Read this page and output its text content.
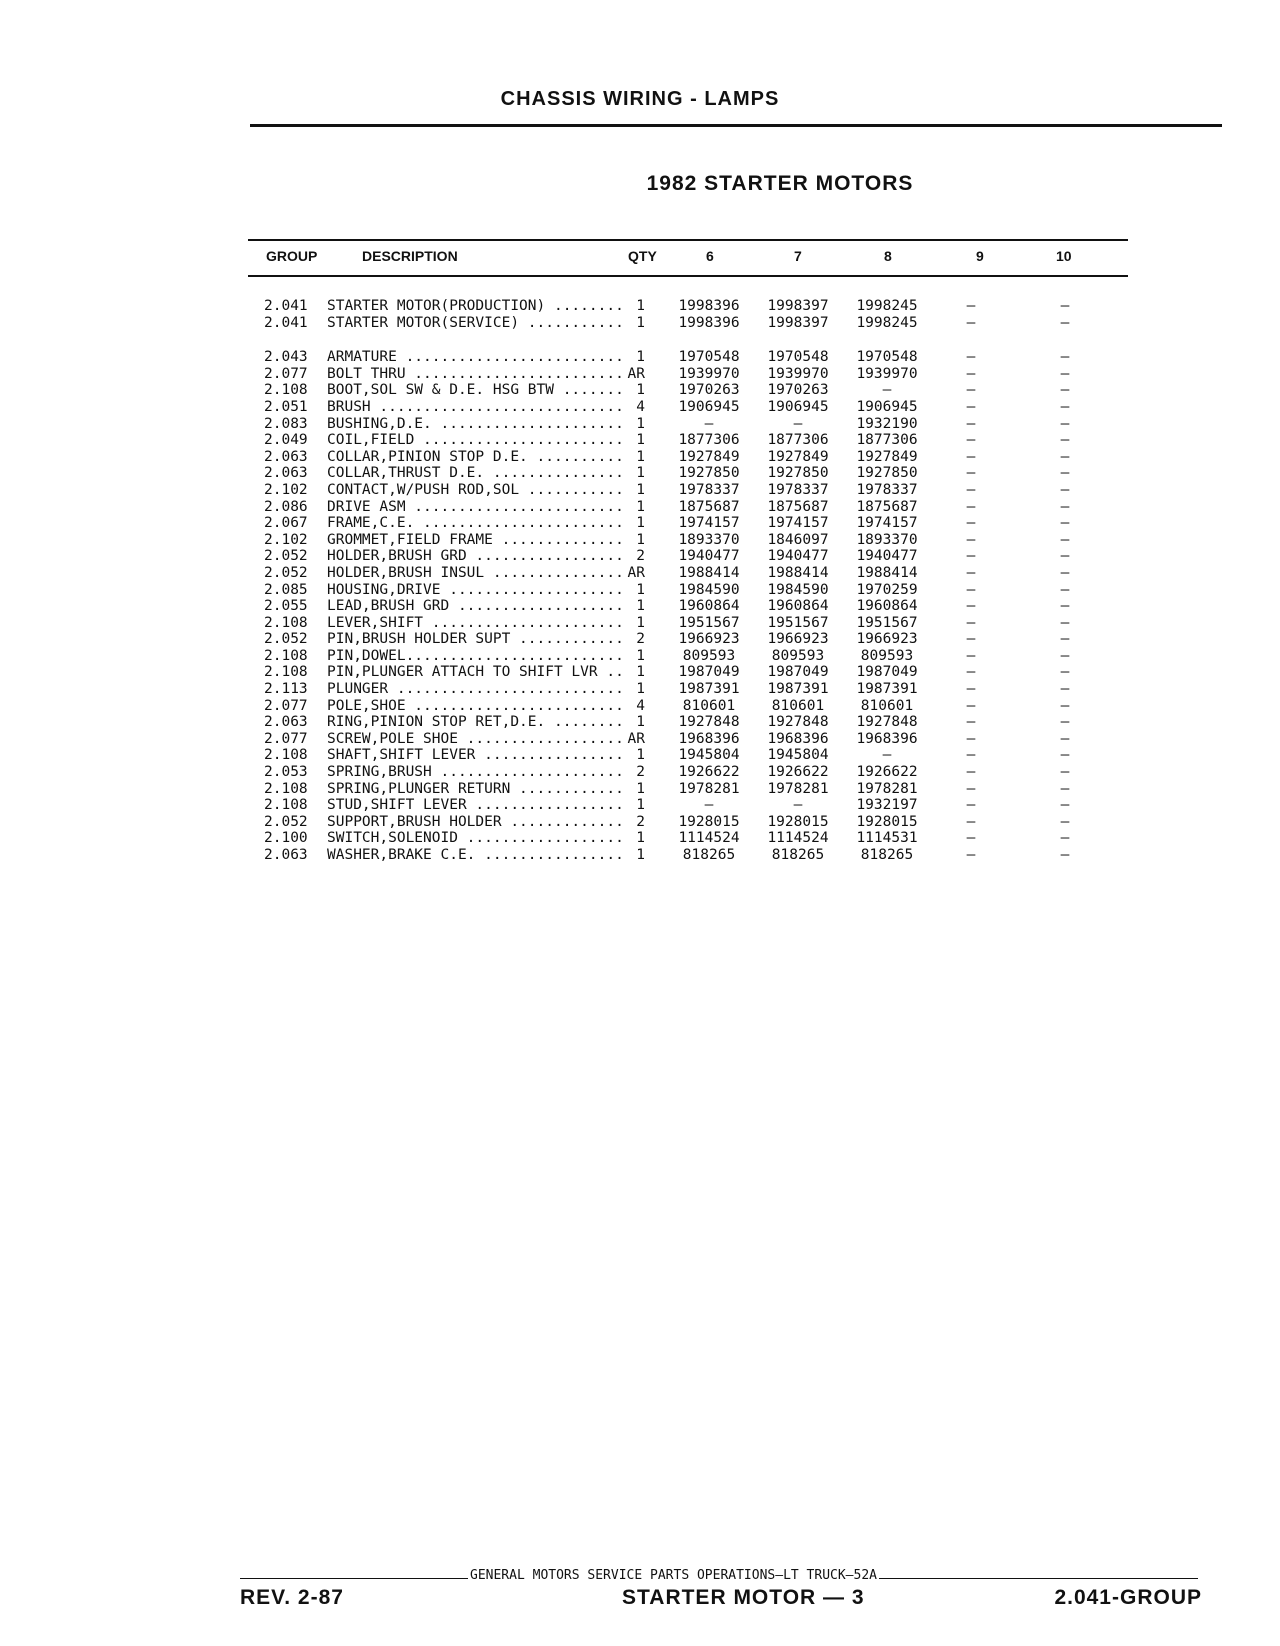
CHASSIS WIRING - LAMPS
1982 STARTER MOTORS
GROUP	DESCRIPTION	QTY	6	7	8	9	10
2.041 STARTER MOTOR(PRODUCTION) ........ 1	1998396	1998397	1998245	—	—
2.041 STARTER MOTOR(SERVICE) ........... 1	1998396	1998397	1998245	—	—
2.043 ARMATURE ......................... 1	1970548	1970548	1970548	—	—
2.077 BOLT THRU ........................ AR	1939970	1939970	1939970	—	—
2.108 BOOT,SOL SW & D.E. HSG BTW ....... 1	1970263	1970263	—	—	—
2.051 BRUSH ............................ 4	1906945	1906945	1906945	—	—
2.083 BUSHING,D.E. ..................... 1	—	—	1932190	—	—
2.049 COIL,FIELD ....................... 1	1877306	1877306	1877306	—	—
2.063 COLLAR,PINION STOP D.E. .......... 1	1927849	1927849	1927849	—	—
2.063 COLLAR,THRUST D.E. ............... 1	1927850	1927850	1927850	—	—
2.102 CONTACT,W/PUSH ROD,SOL ........... 1	1978337	1978337	1978337	—	—
2.086 DRIVE ASM ........................ 1	1875687	1875687	1875687	—	—
2.067 FRAME,C.E. ....................... 1	1974157	1974157	1974157	—	—
2.102 GROMMET,FIELD FRAME .............. 1	1893370	1846097	1893370	—	—
2.052 HOLDER,BRUSH GRD ................. 2	1940477	1940477	1940477	—	—
2.052 HOLDER,BRUSH INSUL ............... AR	1988414	1988414	1988414	—	—
2.085 HOUSING,DRIVE .................... 1	1984590	1984590	1970259	—	—
2.055 LEAD,BRUSH GRD ................... 1	1960864	1960864	1960864	—	—
2.108 LEVER,SHIFT ...................... 1	1951567	1951567	1951567	—	—
2.052 PIN,BRUSH HOLDER SUPT ............ 2	1966923	1966923	1966923	—	—
2.108 PIN,DOWEL......................... 1	809593	809593	809593	—	—
2.108 PIN,PLUNGER ATTACH TO SHIFT LVR .. 1	1987049	1987049	1987049	—	—
2.113 PLUNGER .......................... 1	1987391	1987391	1987391	—	—
2.077 POLE,SHOE ........................ 4	810601	810601	810601	—	—
2.063 RING,PINION STOP RET,D.E. ........ 1	1927848	1927848	1927848	—	—
2.077 SCREW,POLE SHOE .................. AR	1968396	1968396	1968396	—	—
2.108 SHAFT,SHIFT LEVER ................ 1	1945804	1945804	—	—	—
2.053 SPRING,BRUSH ..................... 2	1926622	1926622	1926622	—	—
2.108 SPRING,PLUNGER RETURN ............ 1	1978281	1978281	1978281	—	—
2.108 STUD,SHIFT LEVER ................. 1	—	—	1932197	—	—
2.052 SUPPORT,BRUSH HOLDER ............. 2	1928015	1928015	1928015	—	—
2.100 SWITCH,SOLENOID .................. 1	1114524	1114524	1114531	—	—
2.063 WASHER,BRAKE C.E. ................ 1	818265	818265	818265	—	—
GENERAL MOTORS SERVICE PARTS OPERATIONS—LT TRUCK—52A
REV. 2-87	STARTER MOTOR — 3	2.041-GROUP
